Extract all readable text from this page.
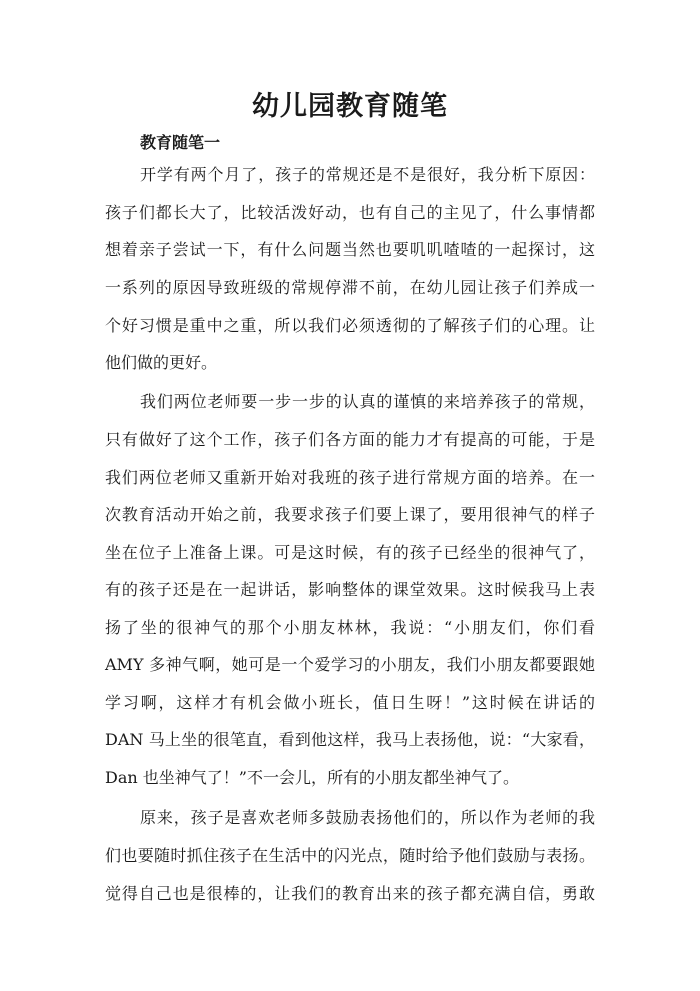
幼儿园教育随笔
教育随笔一
开学有两个月了，孩子的常规还是不是很好，我分析下原因：
孩子们都长大了，比较活泼好动，也有自己的主见了，什么事情都
想着亲子尝试一下，有什么问题当然也要叽叽喳喳的一起探讨，这
一系列的原因导致班级的常规停滞不前，在幼儿园让孩子们养成一
个好习惯是重中之重，所以我们必须透彻的了解孩子们的心理。让
他们做的更好。
我们两位老师要一步一步的认真的谨慎的来培养孩子的常规，
只有做好了这个工作，孩子们各方面的能力才有提高的可能，于是
我们两位老师又重新开始对我班的孩子进行常规方面的培养。在一
次教育活动开始之前，我要求孩子们要上课了，要用很神气的样子
坐在位子上准备上课。可是这时候，有的孩子已经坐的很神气了，
有的孩子还是在一起讲话，影响整体的课堂效果。这时候我马上表
扬了坐的很神气的那个小朋友林林，我说：“小朋友们，你们看
AMY 多神气啊，她可是一个爱学习的小朋友，我们小朋友都要跟她
学习啊，这样才有机会做小班长，值日生呀！”这时候在讲话的
DAN 马上坐的很笔直，看到他这样，我马上表扬他，说：“大家看，
Dan 也坐神气了！”不一会儿，所有的小朋友都坐神气了。
原来，孩子是喜欢老师多鼓励表扬他们的，所以作为老师的我
们也要随时抓住孩子在生活中的闪光点，随时给予他们鼓励与表扬。
觉得自己也是很棒的，让我们的教育出来的孩子都充满自信，勇敢
